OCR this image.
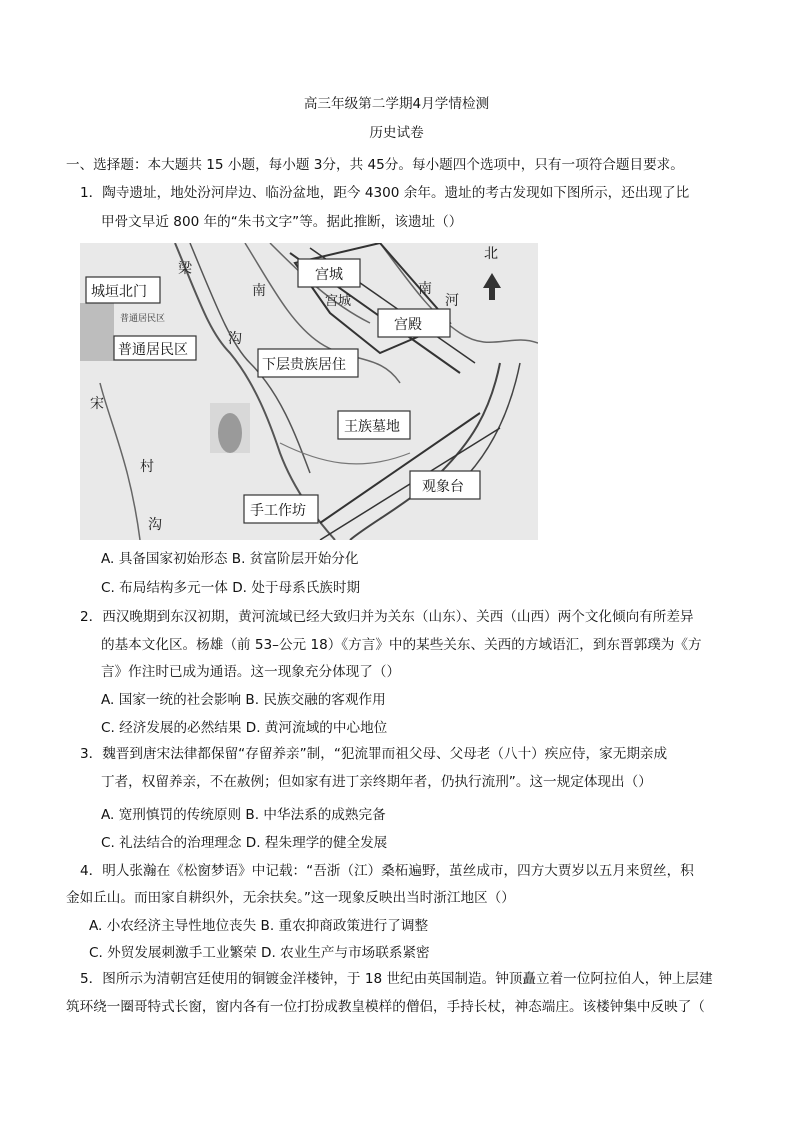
高三年级第二学期4月学情检测
历史试卷
一、选择题：本大题共 15 小题，每小题 3分，共 45分。每小题四个选项中，只有一项符合题目要求。
1．陶寺遗址，地处汾河岸边、临汾盆地，距今 4300 余年。遗址的考古发现如下图所示，还出现了比
甲骨文早近 800 年的“朱书文字”等。据此推断，该遗址（）
北
宫城
宫城
宫殿
城垣北门
普通居民区
普通居民区
下层贵族居住
王族墓地
手工作坊
观象台
梁
南
沟
南
河
宋
村
沟
A. 具备国家初始形态 B. 贫富阶层开始分化
C. 布局结构多元一体 D. 处于母系氏族时期
2．西汉晚期到东汉初期，黄河流域已经大致归并为关东（山东）、关西（山西）两个文化倾向有所差异
的基本文化区。杨雄（前 53–公元 18）《方言》中的某些关东、关西的方域语汇，到东晋郭璞为《方
言》作注时已成为通语。这一现象充分体现了（）
A. 国家一统的社会影响 B. 民族交融的客观作用
C. 经济发展的必然结果 D. 黄河流域的中心地位
3．魏晋到唐宋法律都保留“存留养亲”制，“犯流罪而祖父母、父母老（八十）疾应侍，家无期亲成
丁者，权留养亲，不在赦例；但如家有进丁亲终期年者，仍执行流刑”。这一规定体现出（）
A. 宽刑慎罚的传统原则 B. 中华法系的成熟完备
C. 礼法结合的治理理念 D. 程朱理学的健全发展
4．明人张瀚在《松窗梦语》中记载：“吾浙（江）桑柘遍野，茧丝成市，四方大贾岁以五月来贸丝，积
金如丘山。而田家自耕织外，无余扶矣。”这一现象反映出当时浙江地区（）
A. 小农经济主导性地位丧失 B. 重农抑商政策进行了调整
C. 外贸发展刺激手工业繁荣 D. 农业生产与市场联系紧密
5．图所示为清朝宫廷使用的铜镀金洋楼钟，于 18 世纪由英国制造。钟顶矗立着一位阿拉伯人，钟上层建
筑环绕一圈哥特式长窗，窗内各有一位打扮成教皇模样的僧侣，手持长杖，神态端庄。该楼钟集中反映了（
